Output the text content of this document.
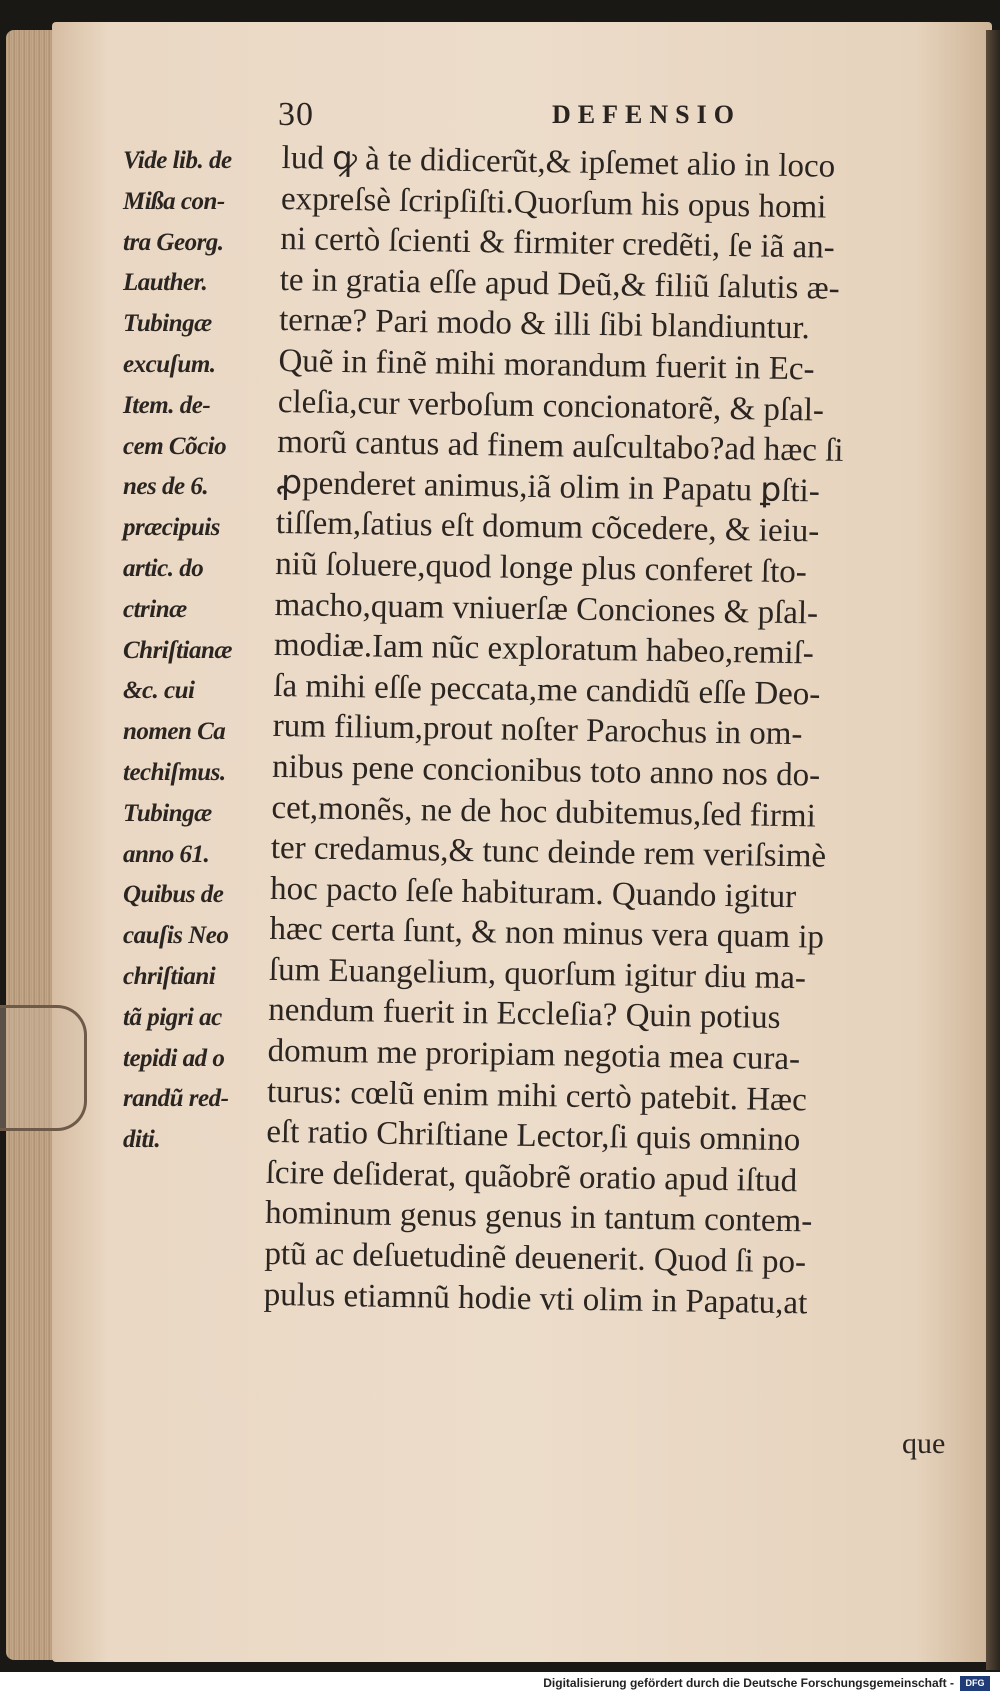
30	DEFENSIO
Vide lib. de
Mißa con-
tra Georg.
Lauther.
Tubingæ
excuſum.
Item. de-
cem Cõcio
nes de 6.
præcipuis
artic. do
ctrinæ
Chriſtianæ
&c. cui
nomen Ca
techiſmus.
Tubingæ
anno 61.
Quibus de
cauſis Neo
chriſtiani
tã pigri ac
tepidi ad o
randũ red-
diti.
lud ꝙ à te didicerũt,& ipſemet alio in loco
expreſsè ſcripſiſti.Quorſum his opus homi
ni certò ſcienti & firmiter credẽti, ſe iã an-
te in gratia eſſe apud Deũ,& filiũ ſalutis æ-
ternæ? Pari modo & illi ſibi blandiuntur.
Quẽ in finẽ mihi morandum fuerit in Ec-
cleſia,cur verboſum concionatorẽ, & pſal-
morũ cantus ad finem auſcultabo?ad hæc ſi
ꝓpenderet animus,iã olim in Papatu ꝑſti-
tiſſem,ſatius eſt domum cõcedere, & ieiu-
niũ ſoluere,quod longe plus conferet ſto-
macho,quam vniuerſæ Conciones & pſal-
modiæ.Iam nũc exploratum habeo,remiſ-
ſa mihi eſſe peccata,me candidũ eſſe Deo-
rum filium,prout noſter Parochus in om-
nibus pene concionibus toto anno nos do-
cet,monẽs, ne de hoc dubitemus,ſed firmi
ter credamus,& tunc deinde rem veriſsimè
hoc pacto ſeſe habituram. Quando igitur
hæc certa ſunt, & non minus vera quam ip
ſum Euangelium, quorſum igitur diu ma-
nendum fuerit in Eccleſia? Quin potius
domum me proripiam negotia mea cura-
turus: cœlũ enim mihi certò patebit. Hæc
eſt ratio Chriſtiane Lector,ſi quis omnino
ſcire deſiderat, quãobrẽ oratio apud iſtud
hominum genus genus in tantum contem-
ptũ ac deſuetudinẽ deuenerit. Quod ſi po-
pulus etiamnũ hodie vti olim in Papatu,at
que
Digitalisierung gefördert durch die Deutsche Forschungsgemeinschaft -	DFG
